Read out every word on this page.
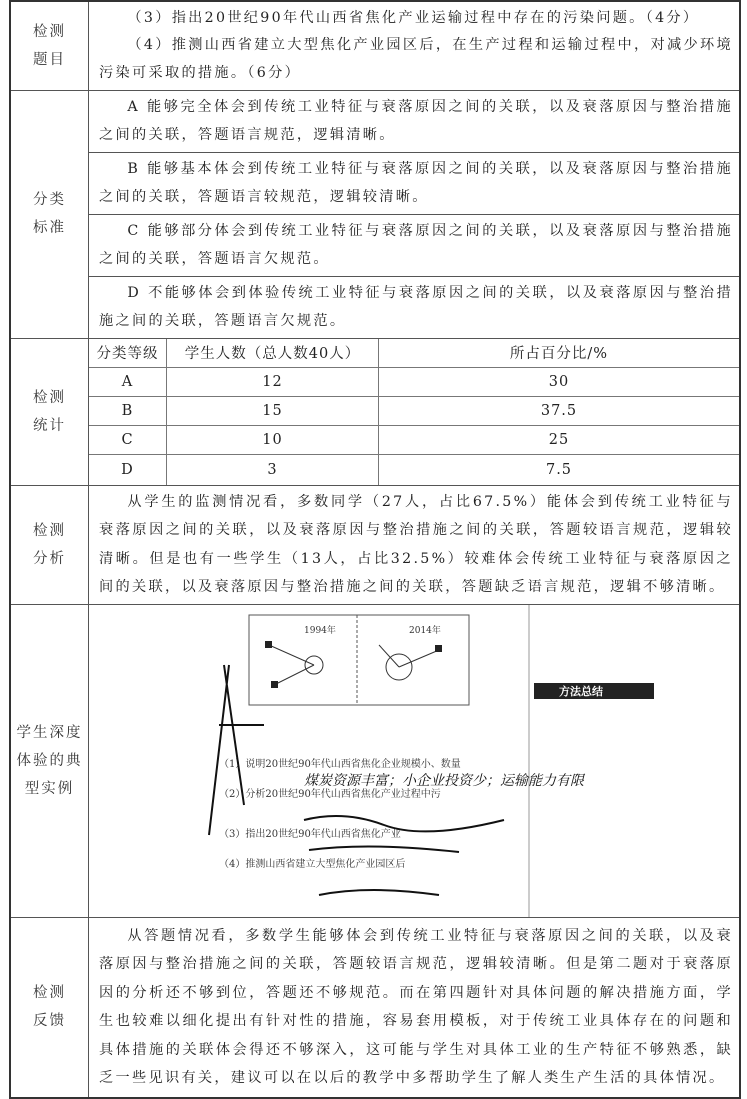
检测
题目	
（3）指出20世纪90年代山西省焦化产业运输过程中存在的污染问题。（4分）
（4）推测山西省建立大型焦化产业园区后，在生产过程和运输过程中，对减少环境污染可采取的措施。（6分）

分类
标准	
A 能够完全体会到传统工业特征与衰落原因之间的关联，以及衰落原因与整治措施之间的关联，答题语言规范，逻辑清晰。
B 能够基本体会到传统工业特征与衰落原因之间的关联，以及衰落原因与整治措施之间的关联，答题语言较规范，逻辑较清晰。
C 能够部分体会到传统工业特征与衰落原因之间的关联，以及衰落原因与整治措施之间的关联，答题语言欠规范。
D 不能够体会到体验传统工业特征与衰落原因之间的关联，以及衰落原因与整治措施之间的关联，答题语言欠规范。

检测
统计	
分类等级	学生人数（总人数40人）	所占百分比/%
A	12	30
B	15	37.5
C	10	25
D	3	7.5

检测
分析	
从学生的监测情况看，多数同学（27人，占比67.5%）能体会到传统工业特征与衰落原因之间的关联，以及衰落原因与整治措施之间的关联，答题较语言规范，逻辑较清晰。但是也有一些学生（13人，占比32.5%）较难体会传统工业特征与衰落原因之间的关联，以及衰落原因与整治措施之间的关联，答题缺乏语言规范，逻辑不够清晰。

学生深度
体验的典
型实例	
1994年	2014年
（1）说明20世纪90年代山西省焦化企业规模小、数量
（2）分析20世纪90年代山西省焦化产业过程中污
（3）指出20世纪90年代山西省焦化产业
（4）推测山西省建立大型焦化产业园区后
方法总结
煤炭资源丰富；小企业投资少；运输能力有限

检测
反馈	
从答题情况看，多数学生能够体会到传统工业特征与衰落原因之间的关联，以及衰落原因与整治措施之间的关联，答题较语言规范，逻辑较清晰。但是第二题对于衰落原因的分析还不够到位，答题还不够规范。而在第四题针对具体问题的解决措施方面，学生也较难以细化提出有针对性的措施，容易套用模板，对于传统工业具体存在的问题和具体措施的关联体会得还不够深入，这可能与学生对具体工业的生产特征不够熟悉，缺乏一些见识有关，建议可以在以后的教学中多帮助学生了解人类生产生活的具体情况。
